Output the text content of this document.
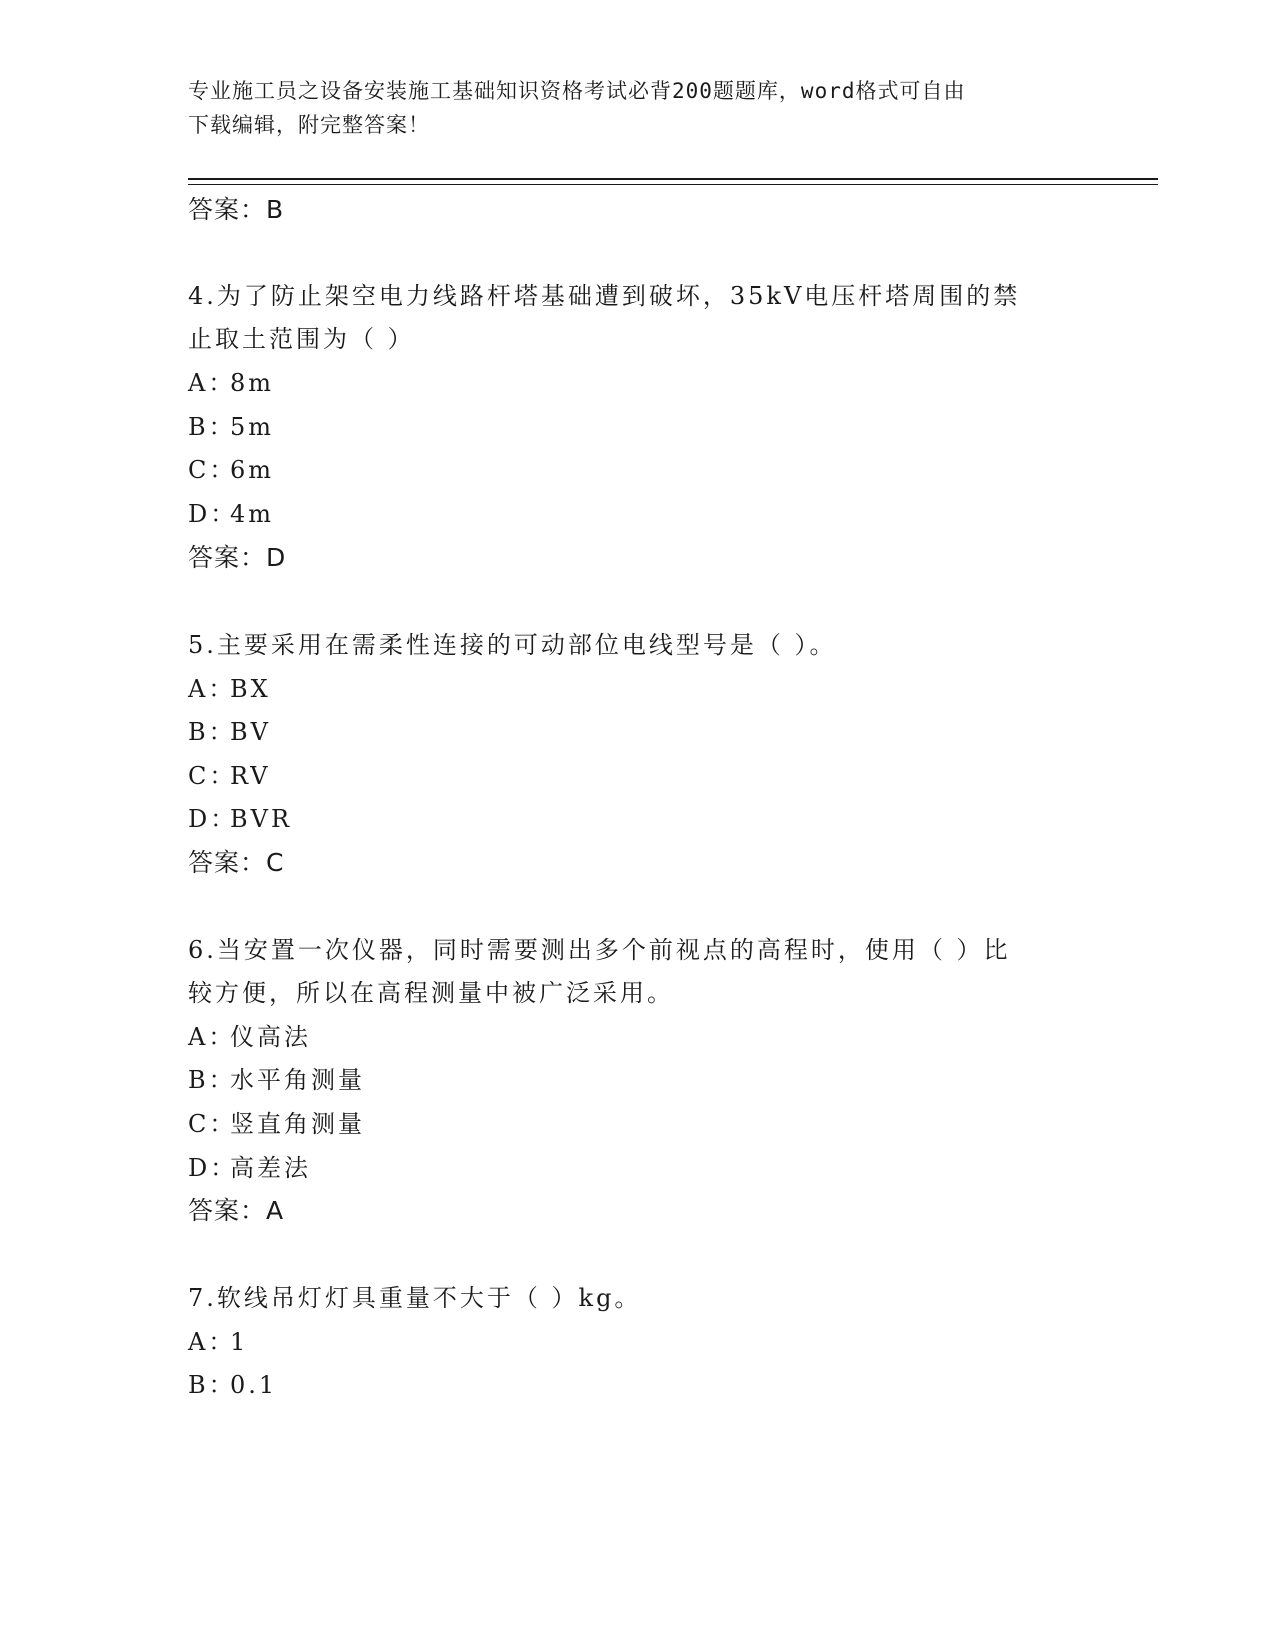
专业施工员之设备安装施工基础知识资格考试必背200题题库，word格式可自由
下载编辑，附完整答案！
答案：B
4.为了防止架空电力线路杆塔基础遭到破坏，35kV电压杆塔周围的禁
止取土范围为（ ）
A：8m
B：5m
C：6m
D：4m
答案：D
5.主要采用在需柔性连接的可动部位电线型号是（ ）。
A：BX
B：BV
C：RV
D：BVR
答案：C
6.当安置一次仪器，同时需要测出多个前视点的高程时，使用（ ）比
较方便，所以在高程测量中被广泛采用。
A：仪高法
B：水平角测量
C：竖直角测量
D：高差法
答案：A
7.软线吊灯灯具重量不大于（ ）kg。
A：1
B：0.1
